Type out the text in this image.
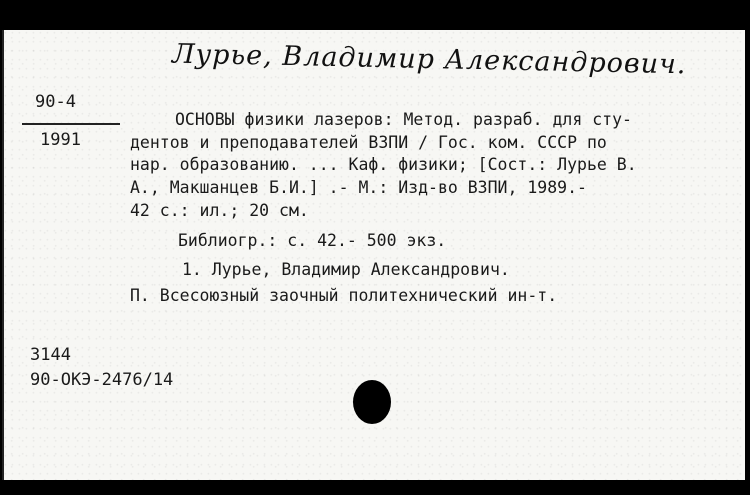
Лурье, Владимир Александрович.
90-4
1991
ОСНОВЫ физики лазеров: Метод. разраб. для сту-
дентов и преподавателей ВЗПИ / Гос. ком. СССР по
нар. образованию. ... Каф. физики; [Сост.: Лурье В.
А., Макшанцев Б.И.] .- М.: Изд-во ВЗПИ, 1989.-
42 с.: ил.; 20 см.
Библиогр.: с. 42.- 500 экз.
1. Лурье, Владимир Александрович.
П. Всесоюзный заочный политехнический ин-т.
3144
90-ОКЭ-2476/14
